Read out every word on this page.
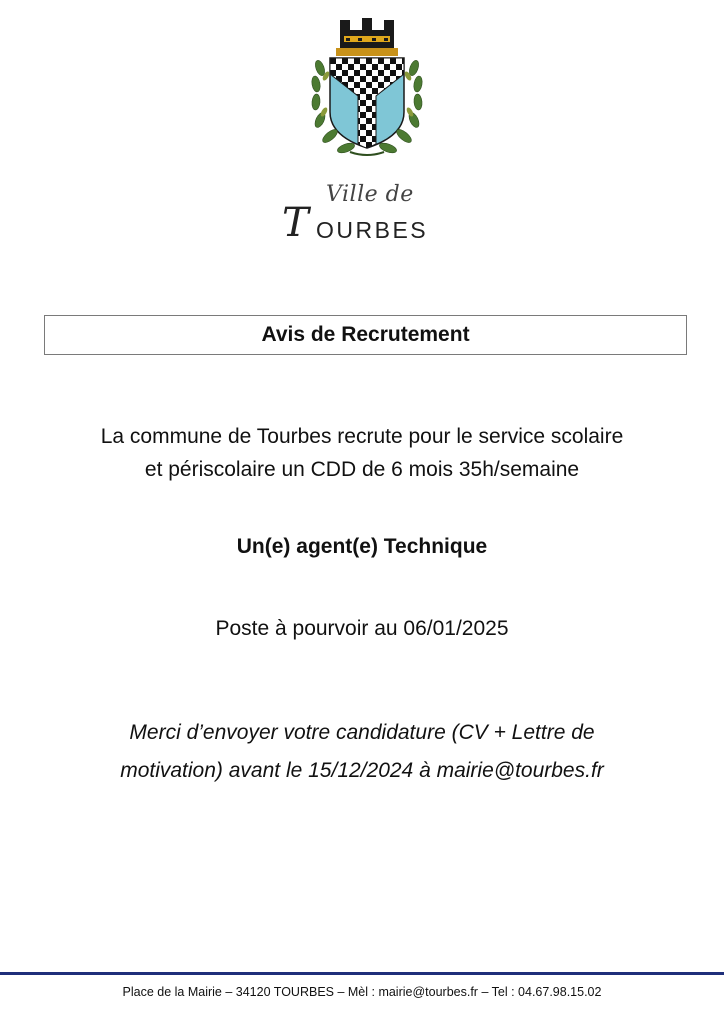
Ville de
T OURBES
Avis de Recrutement
La commune de Tourbes recrute pour le service scolaire
et périscolaire un CDD de 6 mois 35h/semaine
Un(e) agent(e) Technique
Poste à pourvoir au 06/01/2025
Merci d’envoyer votre candidature (CV + Lettre de
motivation) avant le 15/12/2024 à mairie@tourbes.fr
Place de la Mairie – 34120 TOURBES – Mèl : mairie@tourbes.fr – Tel : 04.67.98.15.02
